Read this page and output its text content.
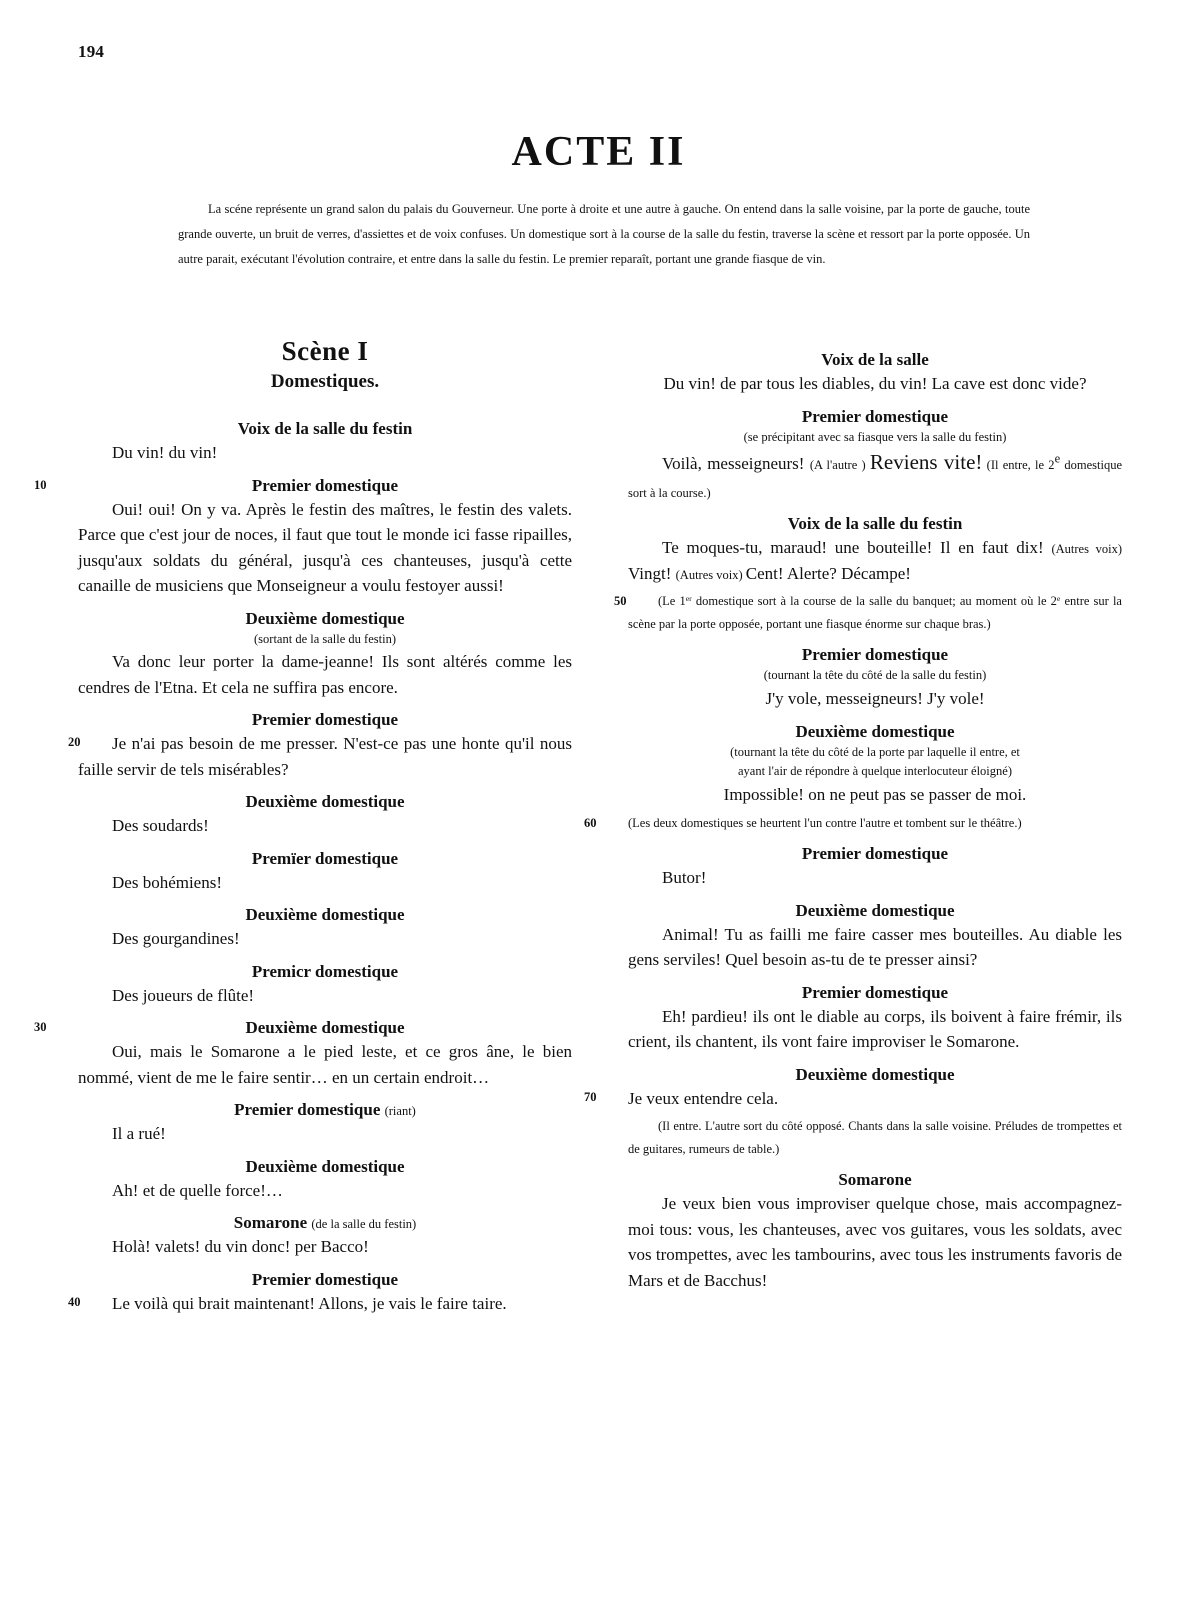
194
ACTE II
La scéne représente un grand salon du palais du Gouverneur. Une porte à droite et une autre à gauche. On entend dans la salle voisine, par la porte de gauche, toute grande ouverte, un bruit de verres, d'assiettes et de voix confuses. Un domestique sort à la course de la salle du festin, traverse la scène et ressort par la porte opposée. Un autre parait, exécutant l'évolution contraire, et entre dans la salle du festin. Le premier reparaît, portant une grande fiasque de vin.
Scène I
Domestiques.
Voix de la salle du festin
Du vin! du vin!
10	Premier domestique
Oui! oui! On y va. Après le festin des maîtres, le festin des valets. Parce que c'est jour de noces, il faut que tout le monde ici fasse ripailles, jusqu'aux soldats du général, jusqu'à ces chanteuses, jusqu'à cette canaille de musiciens que Monseigneur a voulu festoyer aussi!
Deuxième domestique
(sortant de la salle du festin)
Va donc leur porter la dame-jeanne! Ils sont altérés comme les cendres de l'Etna. Et cela ne suffira pas encore.
Premier domestique
20 Je n'ai pas besoin de me presser. N'est-ce pas une honte qu'il nous faille servir de tels misérables?
Deuxième domestique
Des soudards!
Premïer domestique
Des bohémiens!
Deuxième domestique
Des gourgandines!
Premicr domestique
Des joueurs de flûte!
30	Deuxième domestique
Oui, mais le Somarone a le pied leste, et ce gros âne, le bien nommé, vient de me le faire sentir… en un certain endroit…
Premier domestique (riant)
Il a rué!
Deuxième domestique
Ah! et de quelle force!…
Somarone (de la salle du festin)
Holà! valets! du vin donc! per Bacco!
Premier domestique
40 Le voilà qui brait maintenant! Allons, je vais le faire taire.
Voix de la salle
Du vin! de par tous les diables, du vin! La cave est donc vide?
Premier domestique
(se précipitant avec sa fiasque vers la salle du festin)
Voilà, messeigneurs! (A l'autre ) Reviens vite! (Il entre, le 2e domestique sort à la course.)
Voix de la salle du festin
Te moques-tu, maraud! une bouteille! Il en faut dix! (Autres voix) Vingt! (Autres voix) Cent! Alerte? Décampe!
50	(Le 1er domestique sort à la course de la salle du banquet; au moment où le 2e entre sur la scène par la porte opposée, portant une fiasque énorme sur chaque bras.)
Premier domestique
(tournant la tête du côté de la salle du festin)
J'y vole, messeigneurs! J'y vole!
Deuxième domestique
(tournant la tête du côté de la porte par laquelle il entre, et
ayant l'air de répondre à quelque interlocuteur éloigné)
Impossible! on ne peut pas se passer de moi.
60	(Les deux domestiques se heurtent l'un contre l'autre et tombent sur le théâtre.)
Premier domestique
Butor!
Deuxième domestique
Animal! Tu as failli me faire casser mes bouteilles. Au diable les gens serviles! Quel besoin as-tu de te presser ainsi?
Premier domestique
Eh! pardieu! ils ont le diable au corps, ils boivent à faire frémir, ils crient, ils chantent, ils vont faire improviser le Somarone.
Deuxième domestique
70	Je veux entendre cela.
(Il entre. L'autre sort du côté opposé. Chants dans la salle voisine. Préludes de trompettes et de guitares, rumeurs de table.)
Somarone
Je veux bien vous improviser quelque chose, mais accompagnez-moi tous: vous, les chanteuses, avec vos guitares, vous les soldats, avec vos trompettes, avec les tambourins, avec tous les instruments favoris de Mars et de Bacchus!
